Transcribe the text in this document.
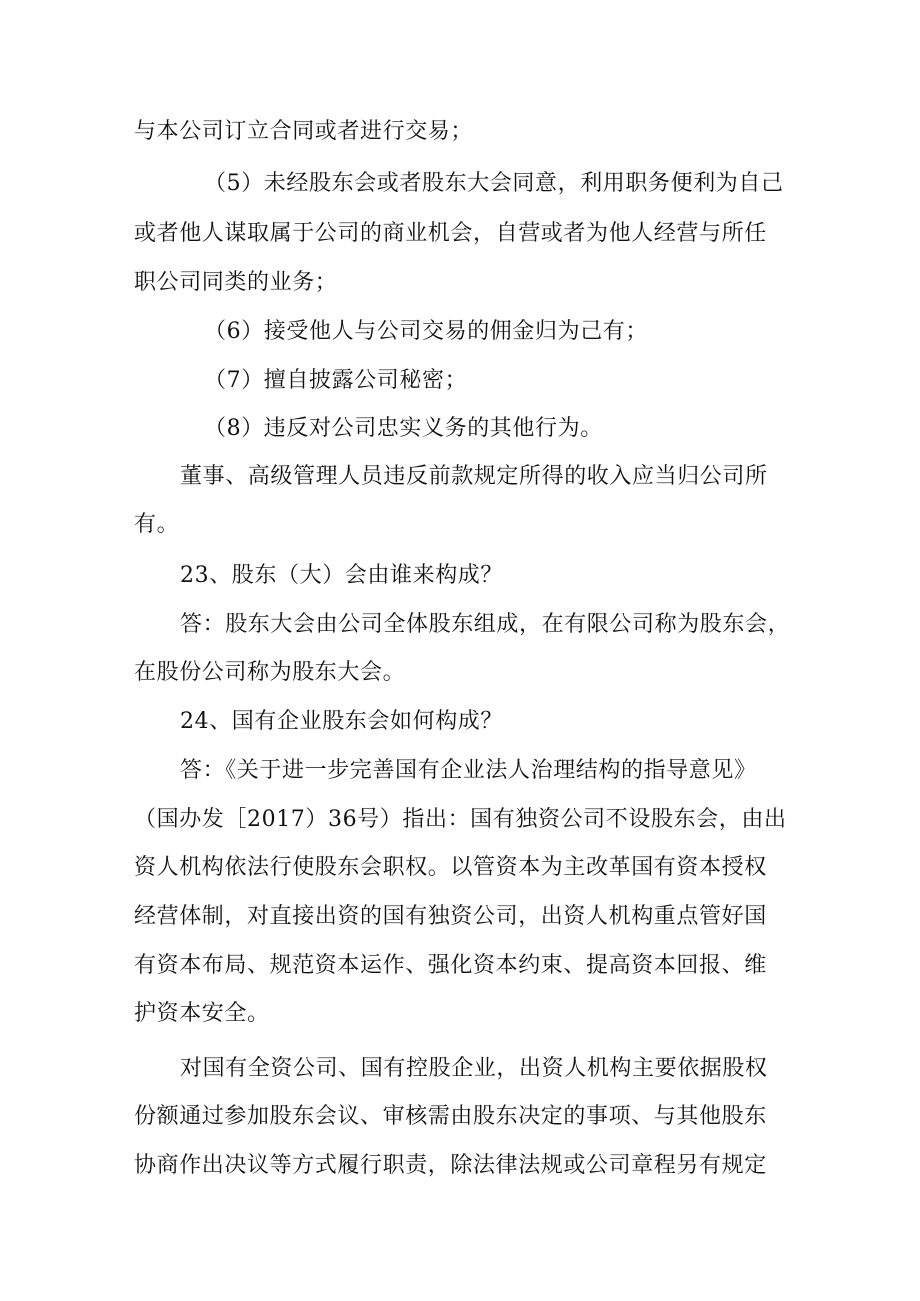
与本公司订立合同或者进行交易；
（5）未经股东会或者股东大会同意，利用职务便利为自己
或者他人谋取属于公司的商业机会，自营或者为他人经营与所任
职公司同类的业务；
（6）接受他人与公司交易的佣金归为己有；
（7）擅自披露公司秘密；
（8）违反对公司忠实义务的其他行为。
董事、高级管理人员违反前款规定所得的收入应当归公司所
有。
23、股东（大）会由谁来构成？
答：股东大会由公司全体股东组成，在有限公司称为股东会，
在股份公司称为股东大会。
24、国有企业股东会如何构成？
答：《关于进一步完善国有企业法人治理结构的指导意见》
（国办发［2017）36号）指出：国有独资公司不设股东会，由出
资人机构依法行使股东会职权。以管资本为主改革国有资本授权
经营体制，对直接出资的国有独资公司，出资人机构重点管好国
有资本布局、规范资本运作、强化资本约束、提高资本回报、维
护资本安全。
对国有全资公司、国有控股企业，出资人机构主要依据股权
份额通过参加股东会议、审核需由股东决定的事项、与其他股东
协商作出决议等方式履行职责，除法律法规或公司章程另有规定
